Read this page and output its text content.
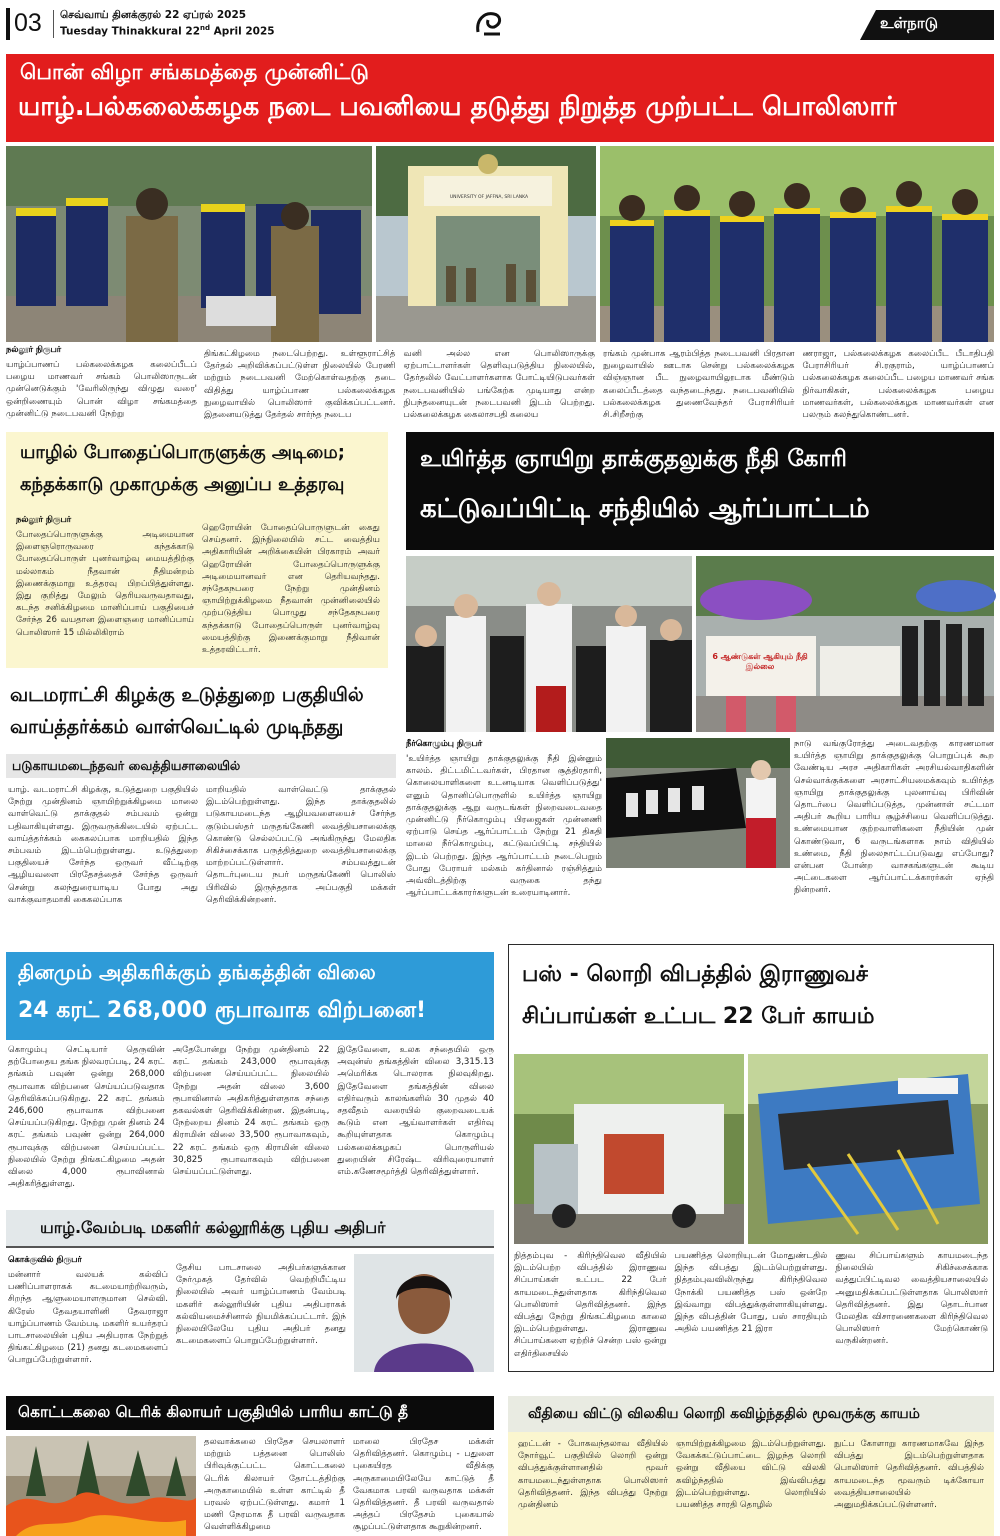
03 செவ்வாய் தினக்குரல் 22 ஏப்ரல் 2025
Tuesday Thinakkural 22nd April 2025	உள்நாடு
பொன் விழா சங்கமத்தை முன்னிட்டு
யாழ்.பல்கலைக்கழக நடை பவனியை தடுத்து நிறுத்த முற்பட்ட பொலிஸார்
UNIVERSITY OF JAFFNA, SRI LANKA
நல்லூர் நிருபர்
யாழ்ப்பாணப் பல்கலைக்கழக கலைப்பீடப் பழைய மாணவர் சங்கம் பொலிஸாருடன் முன்னெடுக்கும் 'வேரிலிருந்து விழுது வரை' ஒன்றிணையும் பொன் விழா சங்கமத்தை முன்னிட்டு நடைபவனி நேற்று
திங்கட்கிழமை நடைபெற்றது. உள்ளூராட்சித் தேர்தல் அறிவிக்கப்பட்டுள்ள நிலையில் பேரணி மற்றும் நடைபவனி மேற்கொள்வதற்கு தடை விதித்து யாழ்ப்பாண பல்கலைக்கழக நுழைவாயில் பொலிஸார் குவிக்கப்பட்டனர். இதனையடுத்து தேர்தல் சார்ந்த நடைப
வனி அல்ல என பொலிஸாருக்கு ஏற்பாட்டாளர்கள் தெளிவுபடுத்திய நிலையில், தேர்தலில் வேட்பாளர்களாக போட்டியிடுபவர்கள் நடைபவனியில் பங்கேற்க முடியாது என்ற நிபந்தனையுடன் நடைபவனி இடம் பெற்றது. பல்கலைக்கழக கைலாசபதி கலைய
ரங்கம் முன்பாக ஆரம்பித்த நடைபவனி பிரதான நுழைவாயில் ஊடாக சென்று பல்கலைக்கழக விஞ்ஞான பீட நுழைவாயிலூடாக மீண்டும் கலைப்பீடத்தை வந்தடைந்தது. நடைபவனியில் பல்கலைக்கழக துணைவேந்தர் பேராசிரியர் சி.சிறீசற்கு
ணராஜா, பல்கலைக்கழக கலைப்பீட பீடாதிபதி பேராசிரியர் சி.ரகுராம், யாழ்ப்பாணப் பல்கலைக்கழக கலைப்பீட பழைய மாணவர் சங்க நிர்வாகிகள், பல்கலைக்கழக பழைய மாணவர்கள், பல்கலைக்கழக மாணவர்கள் என பலரும் கலந்துகொண்டனர்.
யாழில் போதைப்பொருளுக்கு அடிமை;
கந்தக்காடு முகாமுக்கு அனுப்ப உத்தரவு
நல்லூர் நிருபர்
போதைப்பொருளுக்கு அடிமையான இளைஞரொருவரை கந்தக்காடு போதைப்பொருள் புனர்வாழ்வு மையத்திற்கு மல்லாகம் நீதவான் நீதிமன்றம் இணைக்குமாறு உத்தரவு பிறப்பித்துள்ளது. இது குறித்து மேலும் தெரியவருவதாவது, கடந்த சனிக்கிழமை மானிப்பாய் பகுதியைச் சேர்ந்த 26 வயதான இளைஞரை மானிப்பாய் பொலிஸார் 15 மில்லிகிராம்
ஹெரோயின் போதைப்பொருளுடன் கைது செய்தனர். இந்நிலையில் சட்ட வைத்திய அதிகாரியின் அறிக்கையின் பிரகாரம் அவர் ஹெரோயின் போதைப்பொருளுக்கு அடிமையானவர் என தெரியவந்தது. சந்தேகநபரை நேற்று முன்தினம் ஞாயிற்றுக்கிழமை நீதவான் முன்னிலையில் முற்படுத்திய பொழுது சந்தேகநபரை கந்தக்காடு போதைப்பொருள் புனர்வாழ்வு மையத்திற்கு இணைக்குமாறு நீதிவான் உத்தரவிட்டார்.
உயிர்த்த ஞாயிறு தாக்குதலுக்கு நீதி கோரி
கட்டுவப்பிட்டி சந்தியில் ஆர்ப்பாட்டம்
6 ஆண்டுகள் ஆகியும் நீதி இல்லை
நீர்கொழும்பு நிருபர்
'உயிர்த்த ஞாயிறு தாக்குதலுக்கு நீதி இன்னும் காலம். திட்டமிட்டவர்கள், பிரதான சூத்திரதாரி, கொலையாளிகளை உடனடியாக வெளிப்படுத்து' எனும் தொனிப்பொருளில் உயிர்த்த ஞாயிறு தாக்குதலுக்கு ஆறு வருடங்கள் நிறைவடைவதை முன்னிட்டு நீர்கொழும்பு பிரஜைகள் முன்னணி ஏற்பாடு செய்த ஆர்ப்பாட்டம் நேற்று 21 திகதி மாலை நீர்கொழும்பு, கட்டுவப்பிட்டி சந்தியில் இடம் பெற்றது. இந்த ஆர்ப்பாட்டம் நடைபெறும் போது பேராயர் மல்கம் கர்தினால் ரஞ்சித்தும் அவ்விடத்திற்கு வருகை தந்து ஆர்ப்பாட்டக்காரர்களுடன் உரையாடினார்.
நாடு வங்குரோத்து அடைவதற்கு காரணமான உயிர்த்த ஞாயிறு தாக்குதலுக்கு பொறுப்புக் கூற வேண்டிய அரச அதிகாரிகள் அரசியல்வாதிகளின் செல்வாக்குக்களை அரசாட்சியமைக்கவும் உயிர்த்த ஞாயிறு தாக்குதலுக்கு புலனாய்வு பிரிவின் தொடர்பை வெளிப்படுத்த, முன்னாள் சட்டமா அதிபர் கூறிய பாரிய சூழ்ச்சியை வெளிப்படுத்து. உண்மையான குற்றவாளிகளை நீதியின் முன் கொண்டுவா, 6 வருடங்களாக நாம் விதியில் உண்மை, நீதி நிலைநாட்டப்படுவது எப்போது? என்பன போன்ற வாசகங்களுடன் கூடிய அட்டைகளை ஆர்ப்பாட்டக்காரர்கள் ஏந்தி நின்றனர்.
வடமராட்சி கிழக்கு உடுத்துறை பகுதியில்
வாய்த்தர்க்கம் வாள்வெட்டில் முடிந்தது
படுகாயமடைந்தவர் வைத்தியசாலையில்
யாழ். வடமராட்சி கிழக்கு, உடுத்துறை பகுதியில் நேற்று முன்தினம் ஞாயிற்றுக்கிழமை மாலை வாள்வெட்டு தாக்குதல் சம்பவம் ஒன்று பதிவாகியுள்ளது. இருவருக்கிடையில் ஏற்பட்ட வாய்த்தர்க்கம் கைகலப்பாக மாறியதில் இந்த சம்பவம் இடம்பெற்றுள்ளது. உடுத்துறை பகுதியைச் சேர்ந்த ஒருவர் வீட்டிற்கு ஆழியவளை பிரதேசத்தைச் சேர்ந்த ஒருவர் சென்று கலந்துரையாடிய போது அது வாக்குவாதமாகி கைகலப்பாக
மாறியதில் வாள்வெட்டு தாக்குதல் இடம்பெற்றுள்ளது. இந்த தாக்குதலில் படுகாயமடைந்த ஆழியவளையைச் சேர்ந்த குடும்பஸ்தர் மருதங்கேணி வைத்தியசாலைக்கு கொண்டு செல்லப்பட்டு அங்கிருந்து மேலதிக சிகிச்சைக்காக பருத்தித்துறை வைத்தியசாலைக்கு மாற்றப்பட்டுள்ளார். சம்பவத்துடன் தொடர்புடைய நபர் மருதங்கேணி பொலிஸ் பிரிவில் இருந்ததாக அப்பகுதி மக்கள் தெரிவிக்கின்றனர்.
தினமும் அதிகரிக்கும் தங்கத்தின் விலை
24 கரட் 268,000 ரூபாவாக விற்பனை!
கொழும்பு செட்டியார் தெருவின் தற்போதைய தங்க நிலவரப்படி, 24 கரட் தங்கம் பவுண் ஒன்று 268,000 ரூபாவாக விற்பனை செய்யப்படுவதாக தெரிவிக்கப்படுகிறது. 22 கரட் தங்கம் 246,600 ரூபாவாக விற்பனை செய்யப்படுகிறது. நேற்று முன் தினம் 24 கரட் தங்கம் பவுண் ஒன்று 264,000 ரூபாவுக்கு விற்பனை செய்யப்பட்ட நிலையில் நேற்று திங்கட்கிழமை அதன் விலை 4,000 ரூபாவினால் அதிகரித்துள்ளது.
அதேபோன்று நேற்று முன்தினம் 22 கரட் தங்கம் 243,000 ரூபாவுக்கு விற்பனை செய்யப்பட்ட நிலையில் நேற்று அதன் விலை 3,600 ரூபாவினால் அதிகரித்துள்ளதாக சந்தை தகவல்கள் தெரிவிக்கின்றன. இதன்படி, நேற்றைய தினம் 24 கரட் தங்கம் ஒரு கிராமின் விலை 33,500 ரூபாவாகவும், 22 கரட் தங்கம் ஒரு கிராமின் விலை 30,825 ரூபாவாகவும் விற்பனை செய்யப்பட்டுள்ளது.
இதேவேளை, உலக சந்தையில் ஒரு அவுன்ஸ் தங்கத்தின் விலை 3,315.13 அமெரிக்க டொலராக நிலவுகிறது. இதேவேளை தங்கத்தின் விலை எதிர்வரும் காலங்களில் 30 முதல் 40 சதவீதம் வரையில் குறைவடையக் கூடும் என ஆய்வாளர்கள் எதிர்வு கூறியுள்ளதாக கொழும்பு பல்கலைக்கழகப் பொருளியல் துறையின் சிரேஷ்ட விரிவுரையாளர் எம்.கணேசமூர்த்தி தெரிவித்துள்ளார்.
பஸ் - லொறி விபத்தில் இராணுவச்
சிப்பாய்கள் உட்பட 22 பேர் காயம்
நித்தம்புவ - கிரிந்திவெல வீதியில் இடம்பெற்ற விபத்தில் இராணுவ சிப்பாய்கள் உட்பட 22 பேர் காயமடைந்துள்ளதாக கிரிந்திவெல பொலிஸார் தெரிவித்தனர். இந்த விபத்து நேற்று திங்கட்கிழமை காலை இடம்பெற்றுள்ளது. இராணுவ சிப்பாய்களை ஏற்றிச் சென்ற பஸ் ஒன்று எதிர்திசையில்
பயணித்த லொறியுடன் மோதுண்டதில் இந்த விபத்து இடம்பெற்றுள்ளது. நித்தம்புவவிலிருந்து கிரிந்திவெல நோக்கி பயணித்த பஸ் ஒன்றே இவ்வாறு விபத்துக்குள்ளாகியுள்ளது. இந்த விபத்தின் போது, பஸ் சாரதியும் அதில் பயணித்த 21 இரா
ணுவ சிப்பாய்களும் காயமடைந்த நிலையில் சிகிச்சைக்காக வத்துப்பிட்டிவல வைத்தியசாலையில் அனுமதிக்கப்பட்டுள்ளதாக பொலிஸார் தெரிவித்தனர். இது தொடர்பான மேலதிக விசாரணைகளை கிரிந்திவெல பொலிஸார் மேற்கொண்டு வருகின்றனர்.
யாழ்.வேம்படி மகளிர் கல்லூரிக்கு புதிய அதிபர்
கொக்குவில் நிருபர்
மன்னார் வலயக் கல்விப் பணிப்பாளராகக் கடமையாற்றிவரும், சிறந்த ஆளுமையாளருமான செல்வி. கிரேஸ் தேவதயாளினி தேவராஜா யாழ்ப்பாணம் வேம்படி மகளிர் உயர்தரப் பாடசாலையின் புதிய அதிபராக நேற்றுத் திங்கட்கிழமை (21) தனது கடமைகளைப் பொறுப்பேற்றுள்ளார்.
தேசிய பாடசாலை அதிபர்களுக்கான நேர்முகத் தேர்வில் வெற்றியீட்டிய நிலையில் அவர் யாழ்ப்பாணம் வேம்படி மகளிர் கல்லூரியின் புதிய அதிபராகக் கல்வியமைச்சினால் நியமிக்கப்பட்டார். இந் நிலையிலேயே புதிய அதிபர் தனது கடமைகளைப் பொறுப்பேற்றுள்ளார்.
கொட்டகலை டெரிக் கிலாயர் பகுதியில் பாரிய காட்டு தீ
தலவாக்கலை பிரதேச செயலாளர் மற்றும் பத்தனை பொலிஸ் பிரிவுக்குட்பட்ட கொட்டகலை டெரிக் கிலாயர் தோட்டத்திற்கு அருகாமையில் உள்ள காட்டில் தீ பரவல் ஏற்பட்டுள்ளது. கமார் 1 மணி நேரமாக தீ பரவி வருவதாக வெள்ளிக்கிழமை
மாலை பிரதேச மக்கள் தெரிவித்தனர். கொழும்பு - பதுளை புகையிரத வீதிக்கு அருகாமையிலேயே காட்டுத் தீ வேகமாக பரவி வருவதாக மக்கள் தெரிவித்தனர். தீ பரவி வருவதால் அத்தப் பிரதேசம் புகையால் சூழப்பட்டுள்ளதாக கூறுகின்றனர்.
வீதியை விட்டு விலகிய லொறி கவிழ்ந்ததில் மூவருக்கு காயம்
ஹட்டன் - போகவந்தலாவ வீதியில் நோர்வூட் பகுதியில் லொறி ஒன்று விபத்துக்குள்ளானதில் மூவர் காயமடைந்துள்ளதாக பொலிஸார் தெரிவித்தனர். இந்த விபத்து நேற்று முன்தினம்
ஞாயிற்றுக்கிழமை இடம்பெற்றுள்ளது. வேகக்கட்டுப்பாட்டை இழந்த லொறி ஒன்று வீதியை விட்டு விலகி கவிழ்ந்ததில் இவ்விபத்து இடம்பெற்றுள்ளது. லொறியில் பயணித்த சாரதி தொழில்
நுட்ப கோளாறு காரணமாகவே இந்த விபத்து இடம்பெற்றுள்ளதாக பொலிஸார் தெரிவித்தனர். விபத்தில் காயமடைந்த மூவரும் டிக்கோயா வைத்தியசாலையில் அனுமதிக்கப்பட்டுள்ளனர்.
